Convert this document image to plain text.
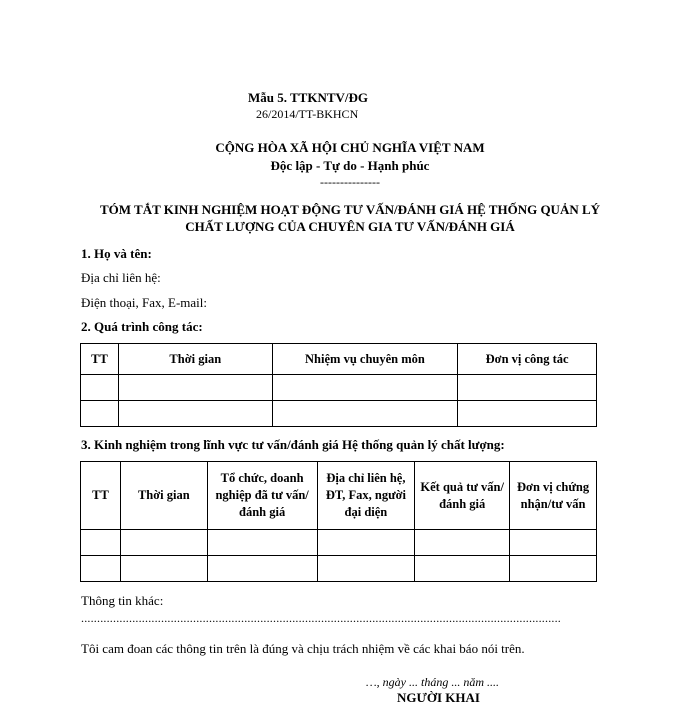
Mẫu 5. TTKNTV/ĐG
26/2014/TT-BKHCN
CỘNG HÒA XÃ HỘI CHỦ NGHĨA VIỆT NAM
Độc lập - Tự do - Hạnh phúc
---------------
TÓM TẮT KINH NGHIỆM HOẠT ĐỘNG TƯ VẤN/ĐÁNH GIÁ HỆ THỐNG QUẢN LÝ
CHẤT LƯỢNG CỦA CHUYÊN GIA TƯ VẤN/ĐÁNH GIÁ
1. Họ và tên:
Địa chỉ liên hệ:
Điện thoại, Fax, E-mail:
2. Quá trình công tác:
TT	Thời gian	Nhiệm vụ chuyên môn	Đơn vị công tác

3. Kinh nghiệm trong lĩnh vực tư vấn/đánh giá Hệ thống quản lý chất lượng:
TT	Thời gian	Tổ chức, doanh nghiệp đã tư vấn/đánh giá	Địa chỉ liên hệ, ĐT, Fax, người đại diện	Kết quả tư vấn/đánh giá	Đơn vị chứng nhận/tư vấn

Thông tin khác:
......................................................................................................................................................
Tôi cam đoan các thông tin trên là đúng và chịu trách nhiệm về các khai báo nói trên.
…, ngày ... tháng ... năm ....
NGƯỜI KHAI
